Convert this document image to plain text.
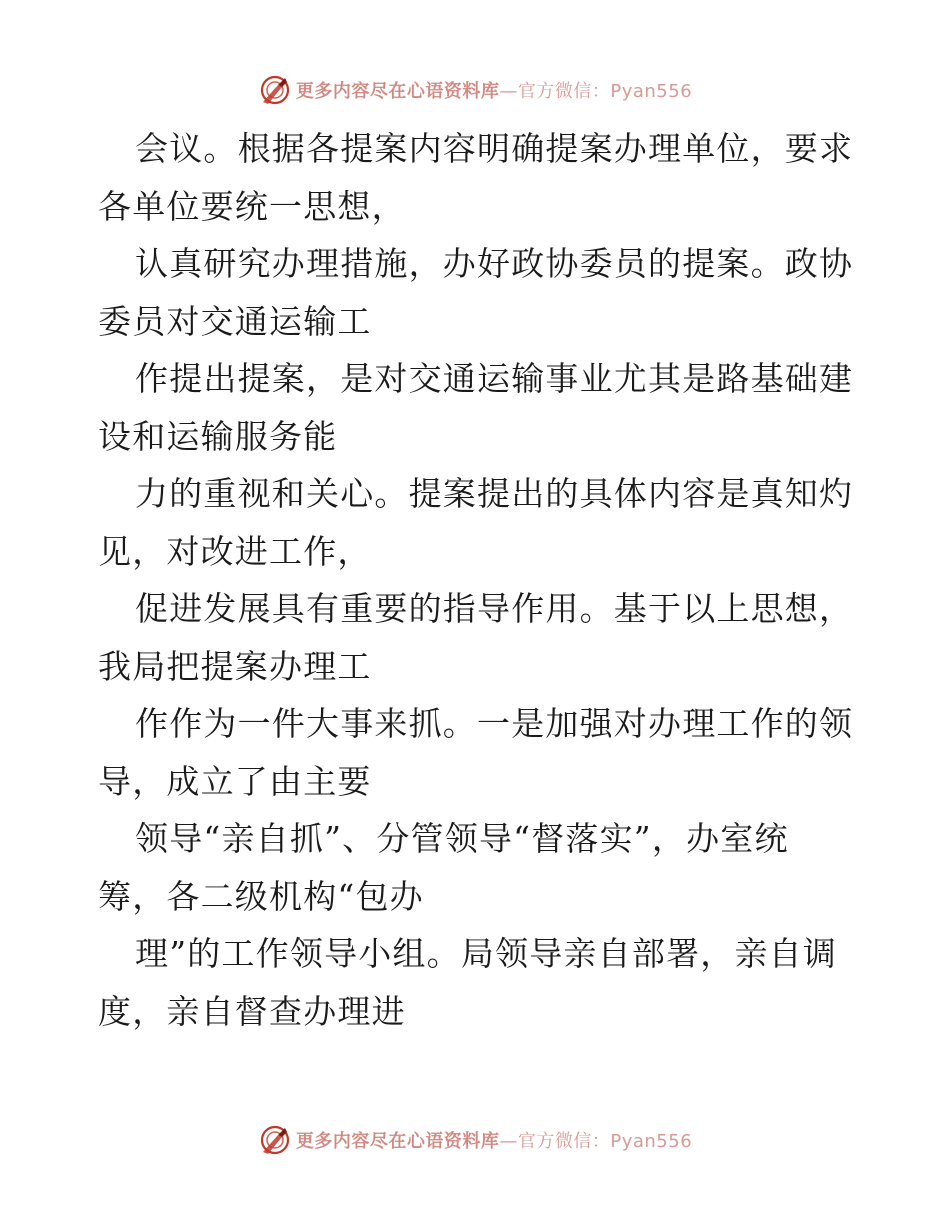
更多内容尽在心语资料库—官方微信：Pyan556

会议。根据各提案内容明确提案办理单位，要求
各单位要统一思想，

认真研究办理措施，办好政协委员的提案。政协
委员对交通运输工

作提出提案，是对交通运输事业尤其是路基础建
设和运输服务能

力的重视和关心。提案提出的具体内容是真知灼
见，对改进工作，

促进发展具有重要的指导作用。基于以上思想，
我局把提案办理工

作作为一件大事来抓。一是加强对办理工作的领
导，成立了由主要

领导“亲自抓”、分管领导“督落实”，办室统
筹，各二级机构“包办

理”的工作领导小组。局领导亲自部署，亲自调
度，亲自督查办理进

更多内容尽在心语资料库—官方微信：Pyan556
